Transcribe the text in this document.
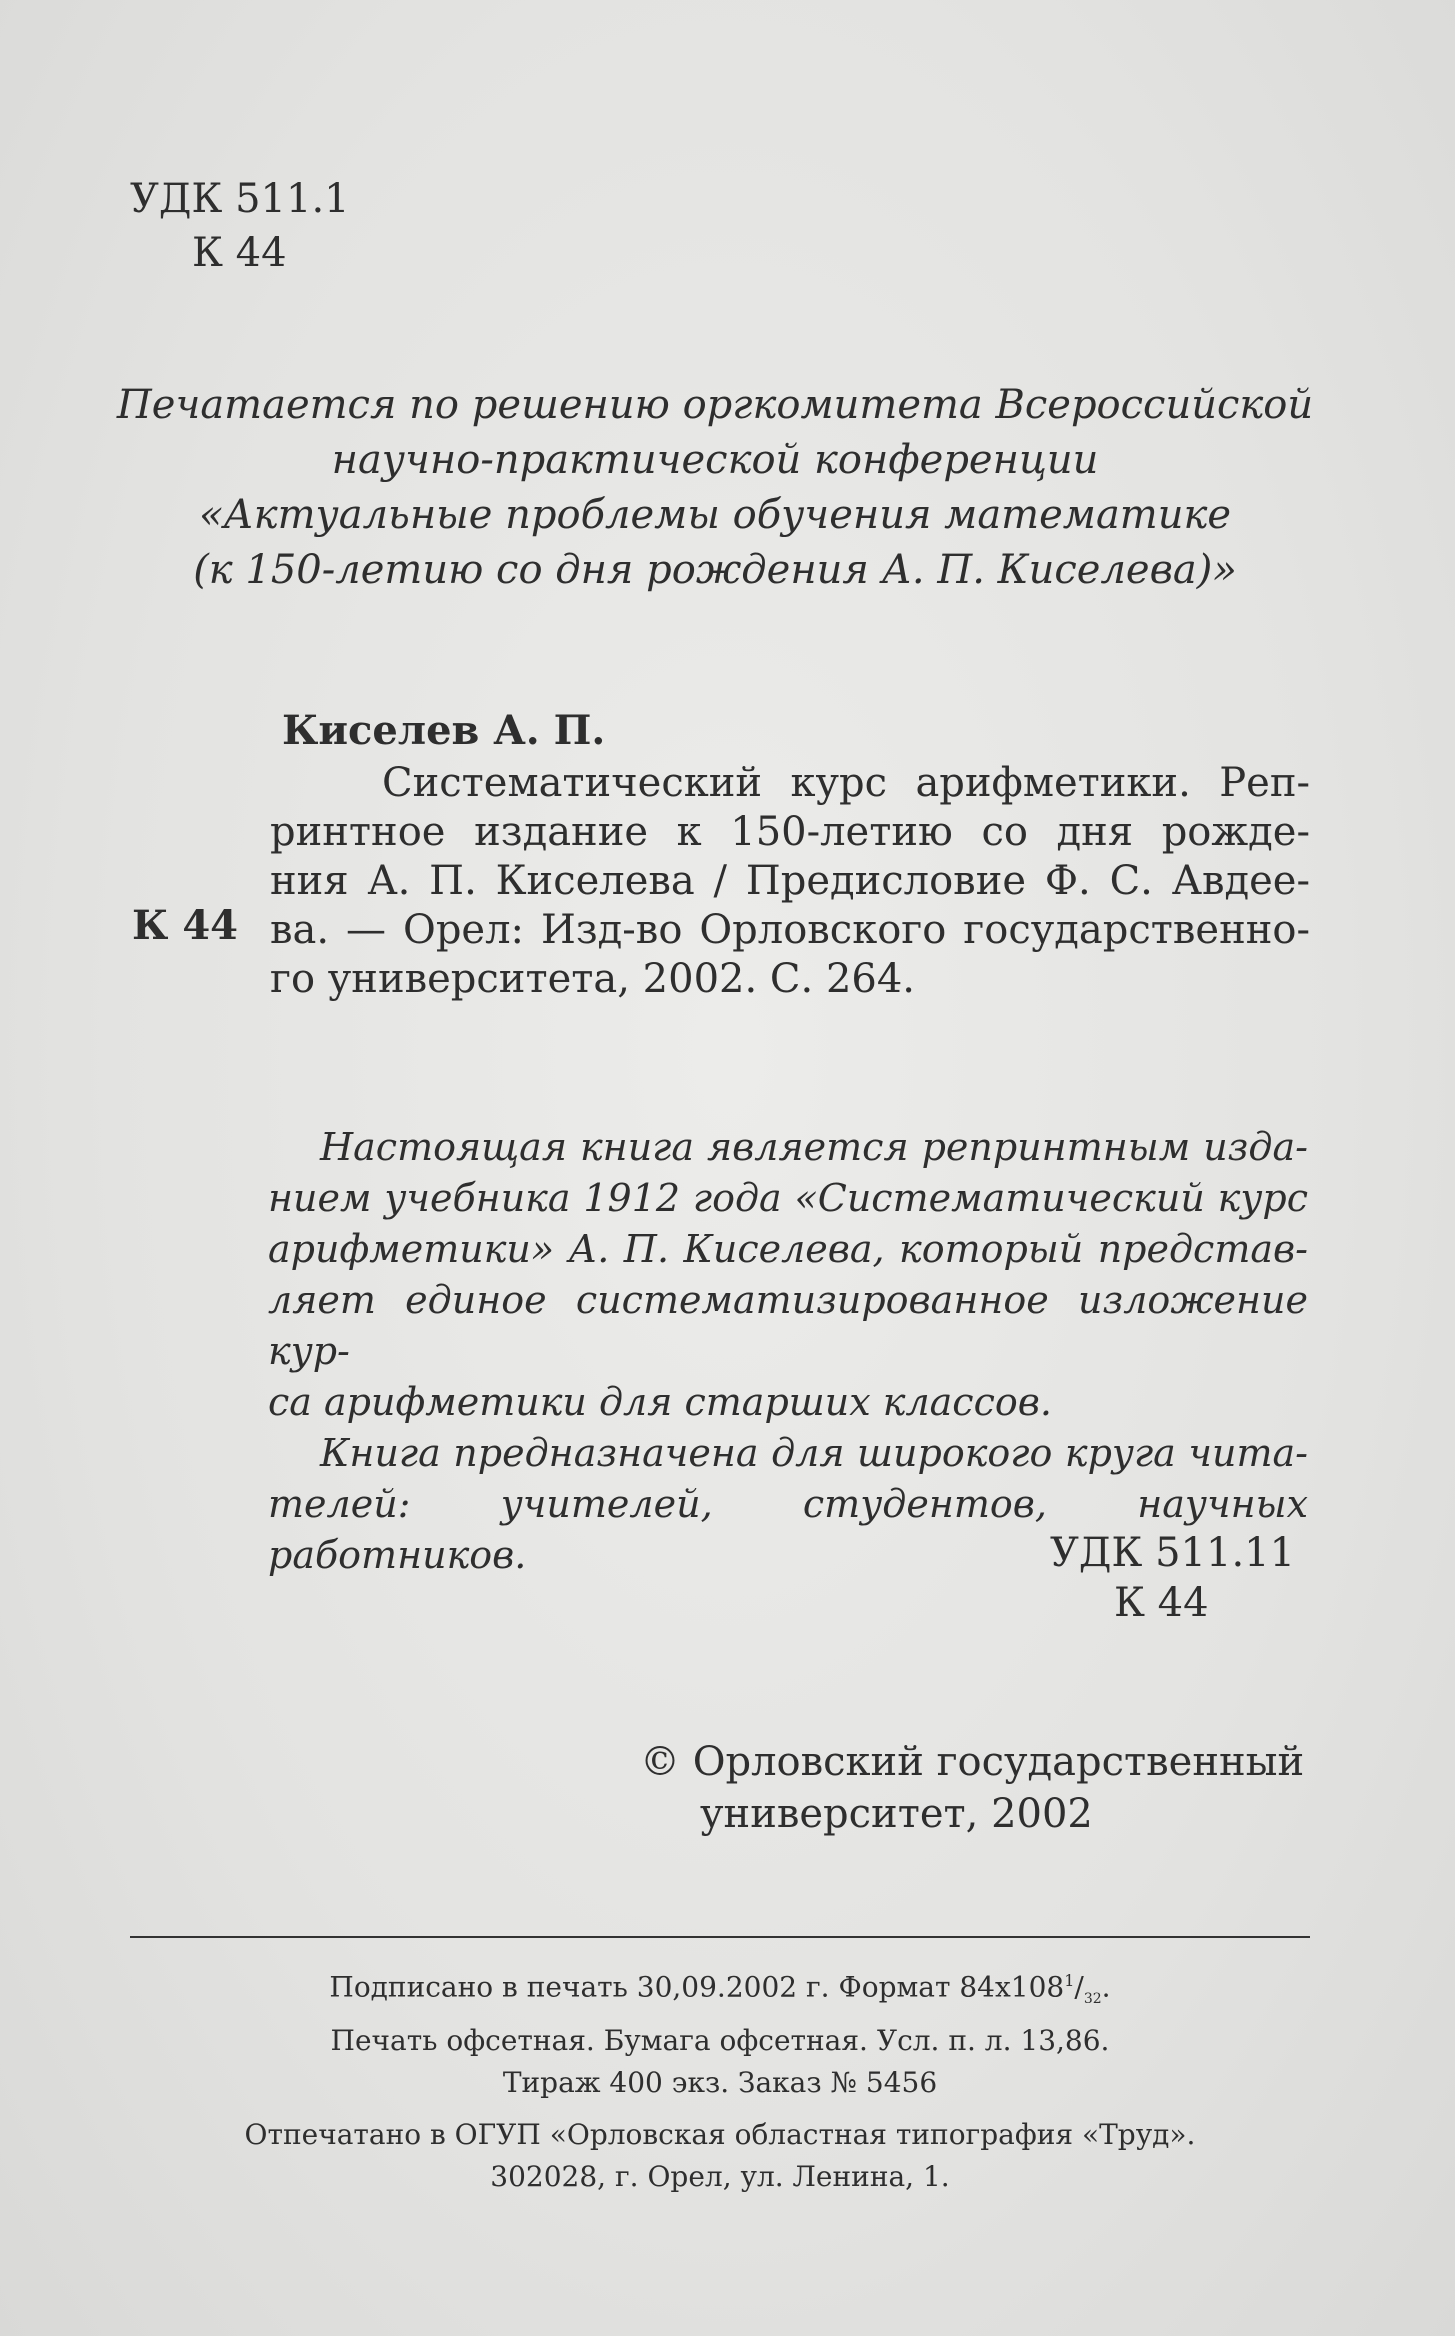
УДК 511.1
К 44
Печатается по решению оргкомитета Всероссийской
научно-практической конференции
«Актуальные проблемы обучения математике
(к 150-летию со дня рождения А. П. Киселева)»
К 44
Киселев А. П.
Систематический курс арифметики. Реп-
ринтное издание к 150-летию со дня рожде-
ния А. П. Киселева / Предисловие Ф. С. Авдее-
ва. — Орел: Изд-во Орловского государственно-
го университета, 2002. С. 264.
Настоящая книга является репринтным изда-
нием учебника 1912 года «Систематический курс
арифметики» А. П. Киселева, который представ-
ляет единое систематизированное изложение кур-
са арифметики для старших классов.
Книга предназначена для широкого круга чита-
телей: учителей, студентов, научных работников.	УДК 511.11
К 44
© Орловский государственный
университет, 2002
Подписано в печать 30,09.2002 г. Формат $84x108^1/_{32}$.
Печать офсетная. Бумага офсетная. Усл. п. л. 13,86.
Тираж 400 экз. Заказ № 5456
Отпечатано в ОГУП «Орловская областная типография «Труд».
302028, г. Орел, ул. Ленина, 1.
